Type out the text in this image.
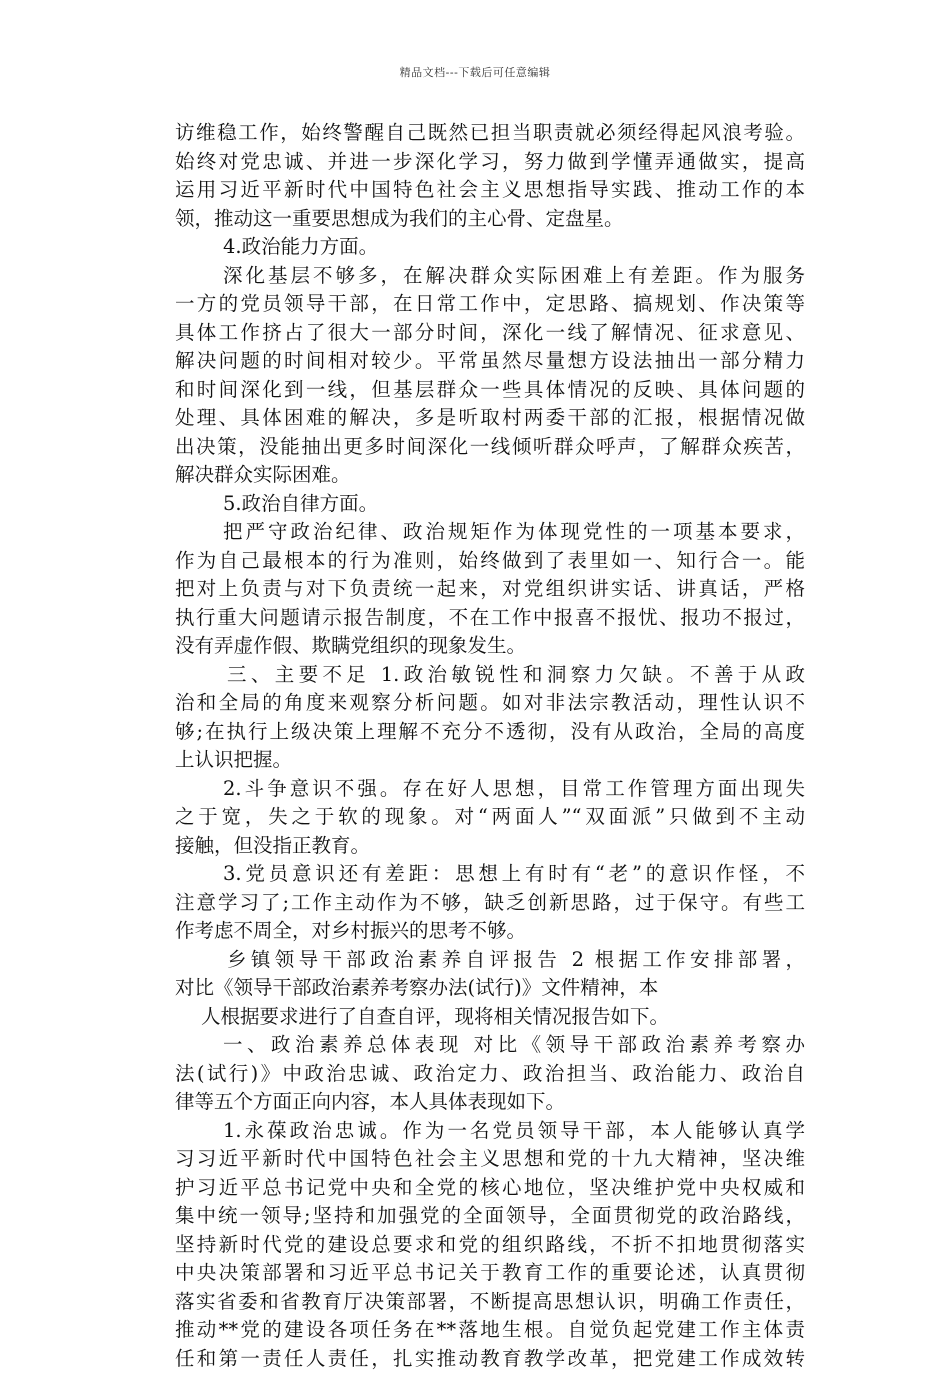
精品文档---下载后可任意编辑
访维稳工作，始终警醒自己既然已担当职责就必须经得起风浪考验。
始终对党忠诚、并进一步深化学习，努力做到学懂弄通做实，提高
运用习近平新时代中国特色社会主义思想指导实践、推动工作的本
领，推动这一重要思想成为我们的主心骨、定盘星。
4.政治能力方面。
深化基层不够多，在解决群众实际困难上有差距。作为服务
一方的党员领导干部，在日常工作中，定思路、搞规划、作决策等
具体工作挤占了很大一部分时间，深化一线了解情况、征求意见、
解决问题的时间相对较少。平常虽然尽量想方设法抽出一部分精力
和时间深化到一线，但基层群众一些具体情况的反映、具体问题的
处理、具体困难的解决，多是听取村两委干部的汇报，根据情况做
出决策，没能抽出更多时间深化一线倾听群众呼声，了解群众疾苦，
解决群众实际困难。
5.政治自律方面。
把严守政治纪律、政治规矩作为体现党性的一项基本要求，
作为自己最根本的行为准则，始终做到了表里如一、知行合一。能
把对上负责与对下负责统一起来，对党组织讲实话、讲真话，严格
执行重大问题请示报告制度，不在工作中报喜不报忧、报功不报过，
没有弄虚作假、欺瞒党组织的现象发生。
三、主要不足 1.政治敏锐性和洞察力欠缺。不善于从政
治和全局的角度来观察分析问题。如对非法宗教活动，理性认识不
够;在执行上级决策上理解不充分不透彻，没有从政治，全局的高度
上认识把握。
2.斗争意识不强。存在好人思想，目常工作管理方面出现失
之于宽，失之于软的现象。对“两面人”“双面派”只做到不主动
接触，但没指正教育。
3.党员意识还有差距：思想上有时有“老”的意识作怪，不
注意学习了;工作主动作为不够，缺乏创新思路，过于保守。有些工
作考虑不周全，对乡村振兴的思考不够。
乡镇领导干部政治素养自评报告 2 根据工作安排部署，
对比《领导干部政治素养考察办法(试行)》文件精神，本
人根据要求进行了自查自评，现将相关情况报告如下。
一、政治素养总体表现 对比《领导干部政治素养考察办
法(试行)》中政治忠诚、政治定力、政治担当、政治能力、政治自
律等五个方面正向内容，本人具体表现如下。
1.永葆政治忠诚。作为一名党员领导干部，本人能够认真学
习习近平新时代中国特色社会主义思想和党的十九大精神，坚决维
护习近平总书记党中央和全党的核心地位，坚决维护党中央权威和
集中统一领导;坚持和加强党的全面领导，全面贯彻党的政治路线，
坚持新时代党的建设总要求和党的组织路线，不折不扣地贯彻落实
中央决策部署和习近平总书记关于教育工作的重要论述，认真贯彻
落实省委和省教育厅决策部署，不断提高思想认识，明确工作责任，
推动**党的建设各项任务在**落地生根。自觉负起党建工作主体责
任和第一责任人责任，扎实推动教育教学改革，把党建工作成效转
